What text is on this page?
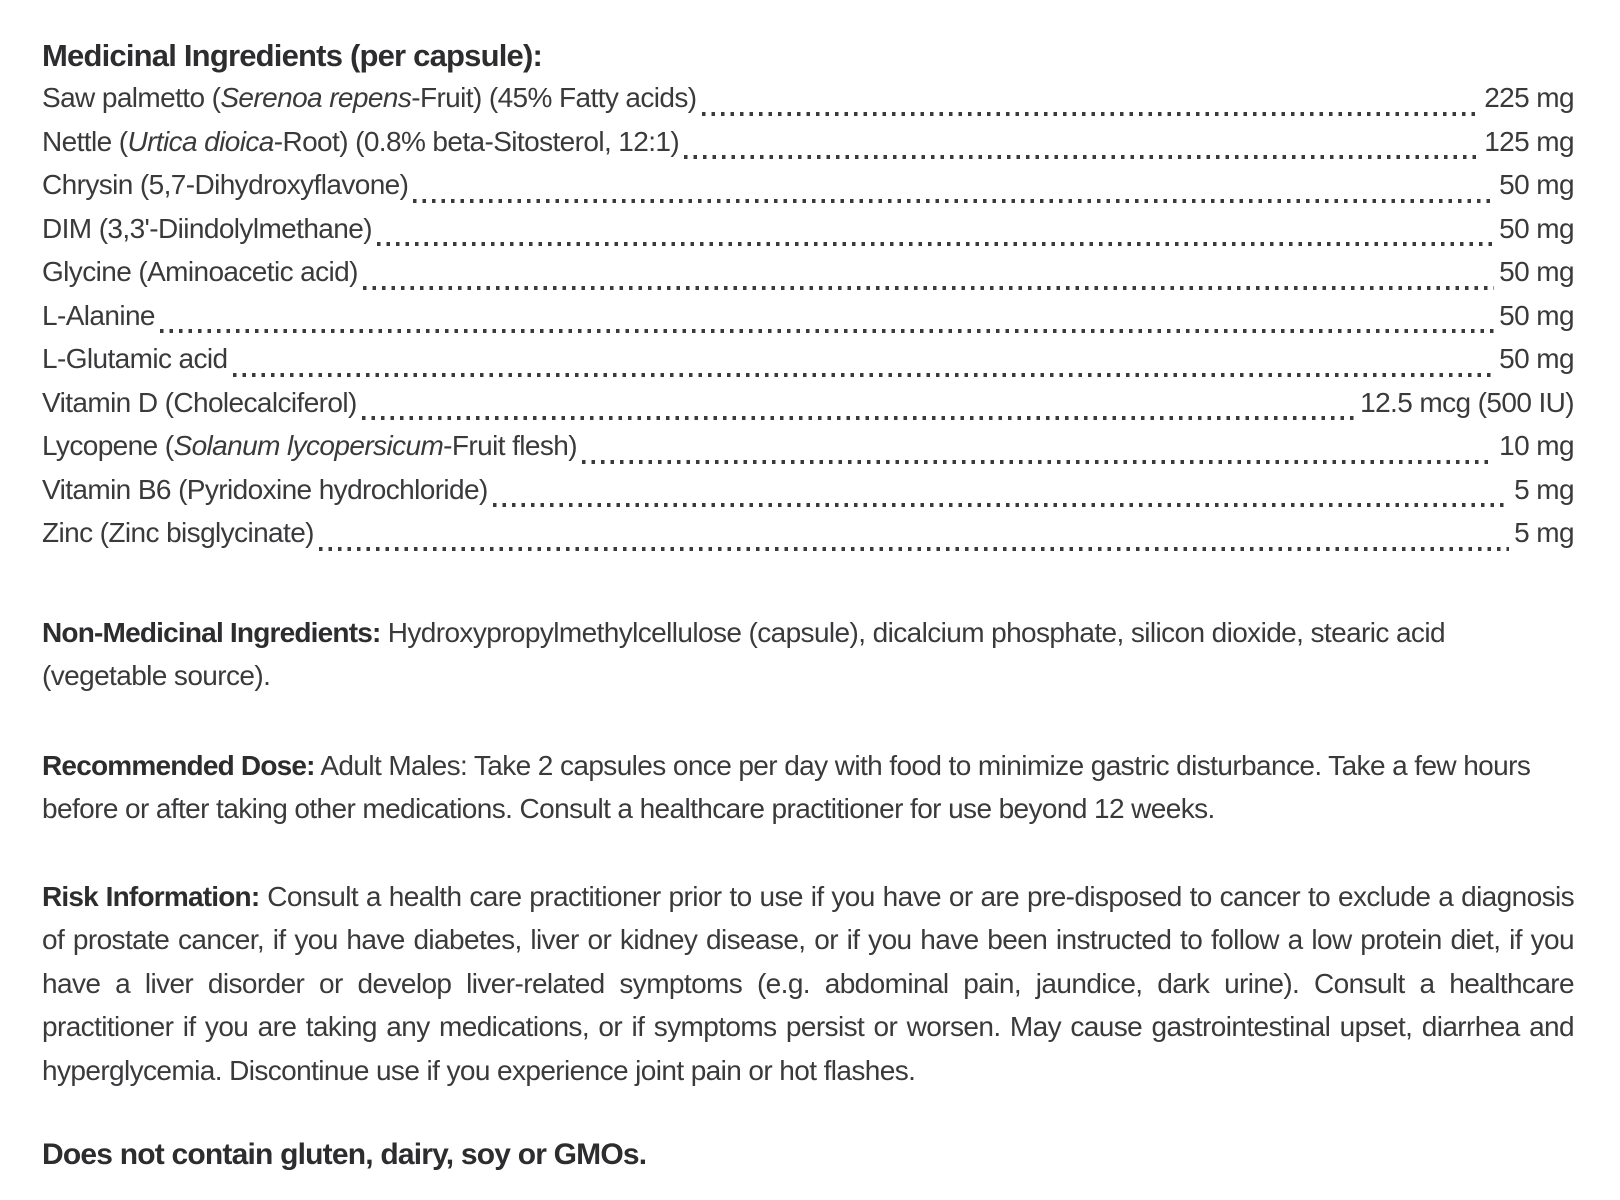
Medicinal Ingredients (per capsule):
Saw palmetto (Serenoa repens-Fruit) (45% Fatty acids)	225 mg
Nettle (Urtica dioica-Root) (0.8% beta-Sitosterol, 12:1)	125 mg
Chrysin (5,7-Dihydroxyflavone)	50 mg
DIM (3,3'-Diindolylmethane)	50 mg
Glycine (Aminoacetic acid)	50 mg
L-Alanine	50 mg
L-Glutamic acid	50 mg
Vitamin D (Cholecalciferol)	12.5 mcg (500 IU)
Lycopene (Solanum lycopersicum-Fruit flesh)	10 mg
Vitamin B6 (Pyridoxine hydrochloride)	5 mg
Zinc (Zinc bisglycinate)	5 mg

Non-Medicinal Ingredients: Hydroxypropylmethylcellulose (capsule), dicalcium phosphate, silicon dioxide, stearic acid (vegetable source).

Recommended Dose: Adult Males: Take 2 capsules once per day with food to minimize gastric disturbance. Take a few hours before or after taking other medications. Consult a healthcare practitioner for use beyond 12 weeks.

Risk Information: Consult a health care practitioner prior to use if you have or are pre-disposed to cancer to exclude a diagnosis of prostate cancer, if you have diabetes, liver or kidney disease, or if you have been instructed to follow a low protein diet, if you have a liver disorder or develop liver-related symptoms (e.g. abdominal pain, jaundice, dark urine). Consult a healthcare practitioner if you are taking any medications, or if symptoms persist or worsen. May cause gastrointestinal upset, diarrhea and hyperglycemia. Discontinue use if you experience joint pain or hot flashes.

Does not contain gluten, dairy, soy or GMOs.
